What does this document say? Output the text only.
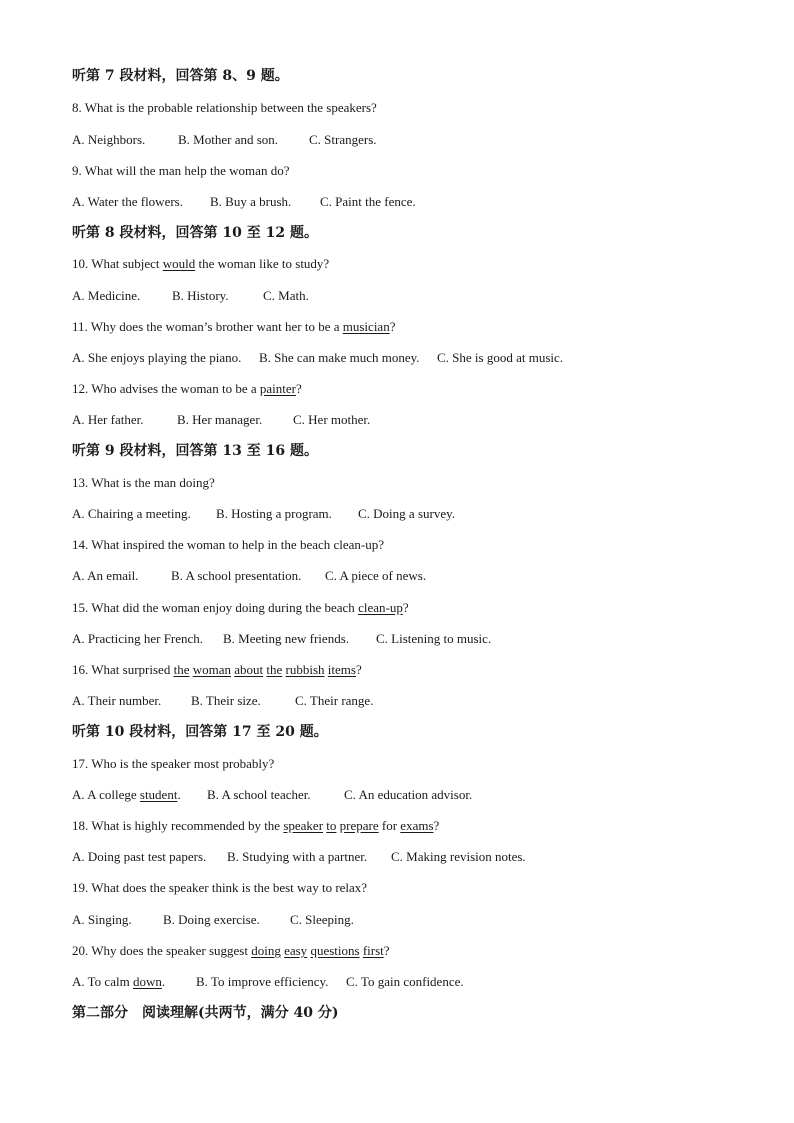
听第 7 段材料，回答第 8、9 题。
8. What is the probable relationship between the speakers?
A. Neighbors.	B. Mother and son. C. Strangers.
9. What will the man help the woman do?
A. Water the flowers. B. Buy a brush. C. Paint the fence.
听第 8 段材料，回答第 10 至 12 题。
10. What subject would the woman like to study?
A. Medicine. B. History.	C. Math.
11. Why does the woman’s brother want her to be a musician?
A. She enjoys playing the piano. B. She can make much money. C. She is good at music.
12. Who advises the woman to be a painter?
A. Her father.	B. Her manager. C. Her mother.
听第 9 段材料，回答第 13 至 16 题。
13. What is the man doing?
A. Chairing a meeting. B. Hosting a program. C. Doing a survey.
14. What inspired the woman to help in the beach clean-up?
A. An email.	B. A school presentation. C. A piece of news.
15. What did the woman enjoy doing during the beach clean-up?
A. Practicing her French. B. Meeting new friends. C. Listening to music.
16. What surprised the woman about the rubbish items?
A. Their number. B. Their size.	C. Their range.
听第 10 段材料，回答第 17 至 20 题。
17. Who is the speaker most probably?
A. A college student. B. A school teacher.	C. An education advisor.
18. What is highly recommended by the speaker to prepare for exams?
A. Doing past test papers. B. Studying with a partner. C. Making revision notes.
19. What does the speaker think is the best way to relax?
A. Singing. B. Doing exercise. C. Sleeping.
20. Why does the speaker suggest doing easy questions first?
A. To calm down. B. To improve efficiency. C. To gain confidence.
第二部分　阅读理解(共两节，满分 40 分)
